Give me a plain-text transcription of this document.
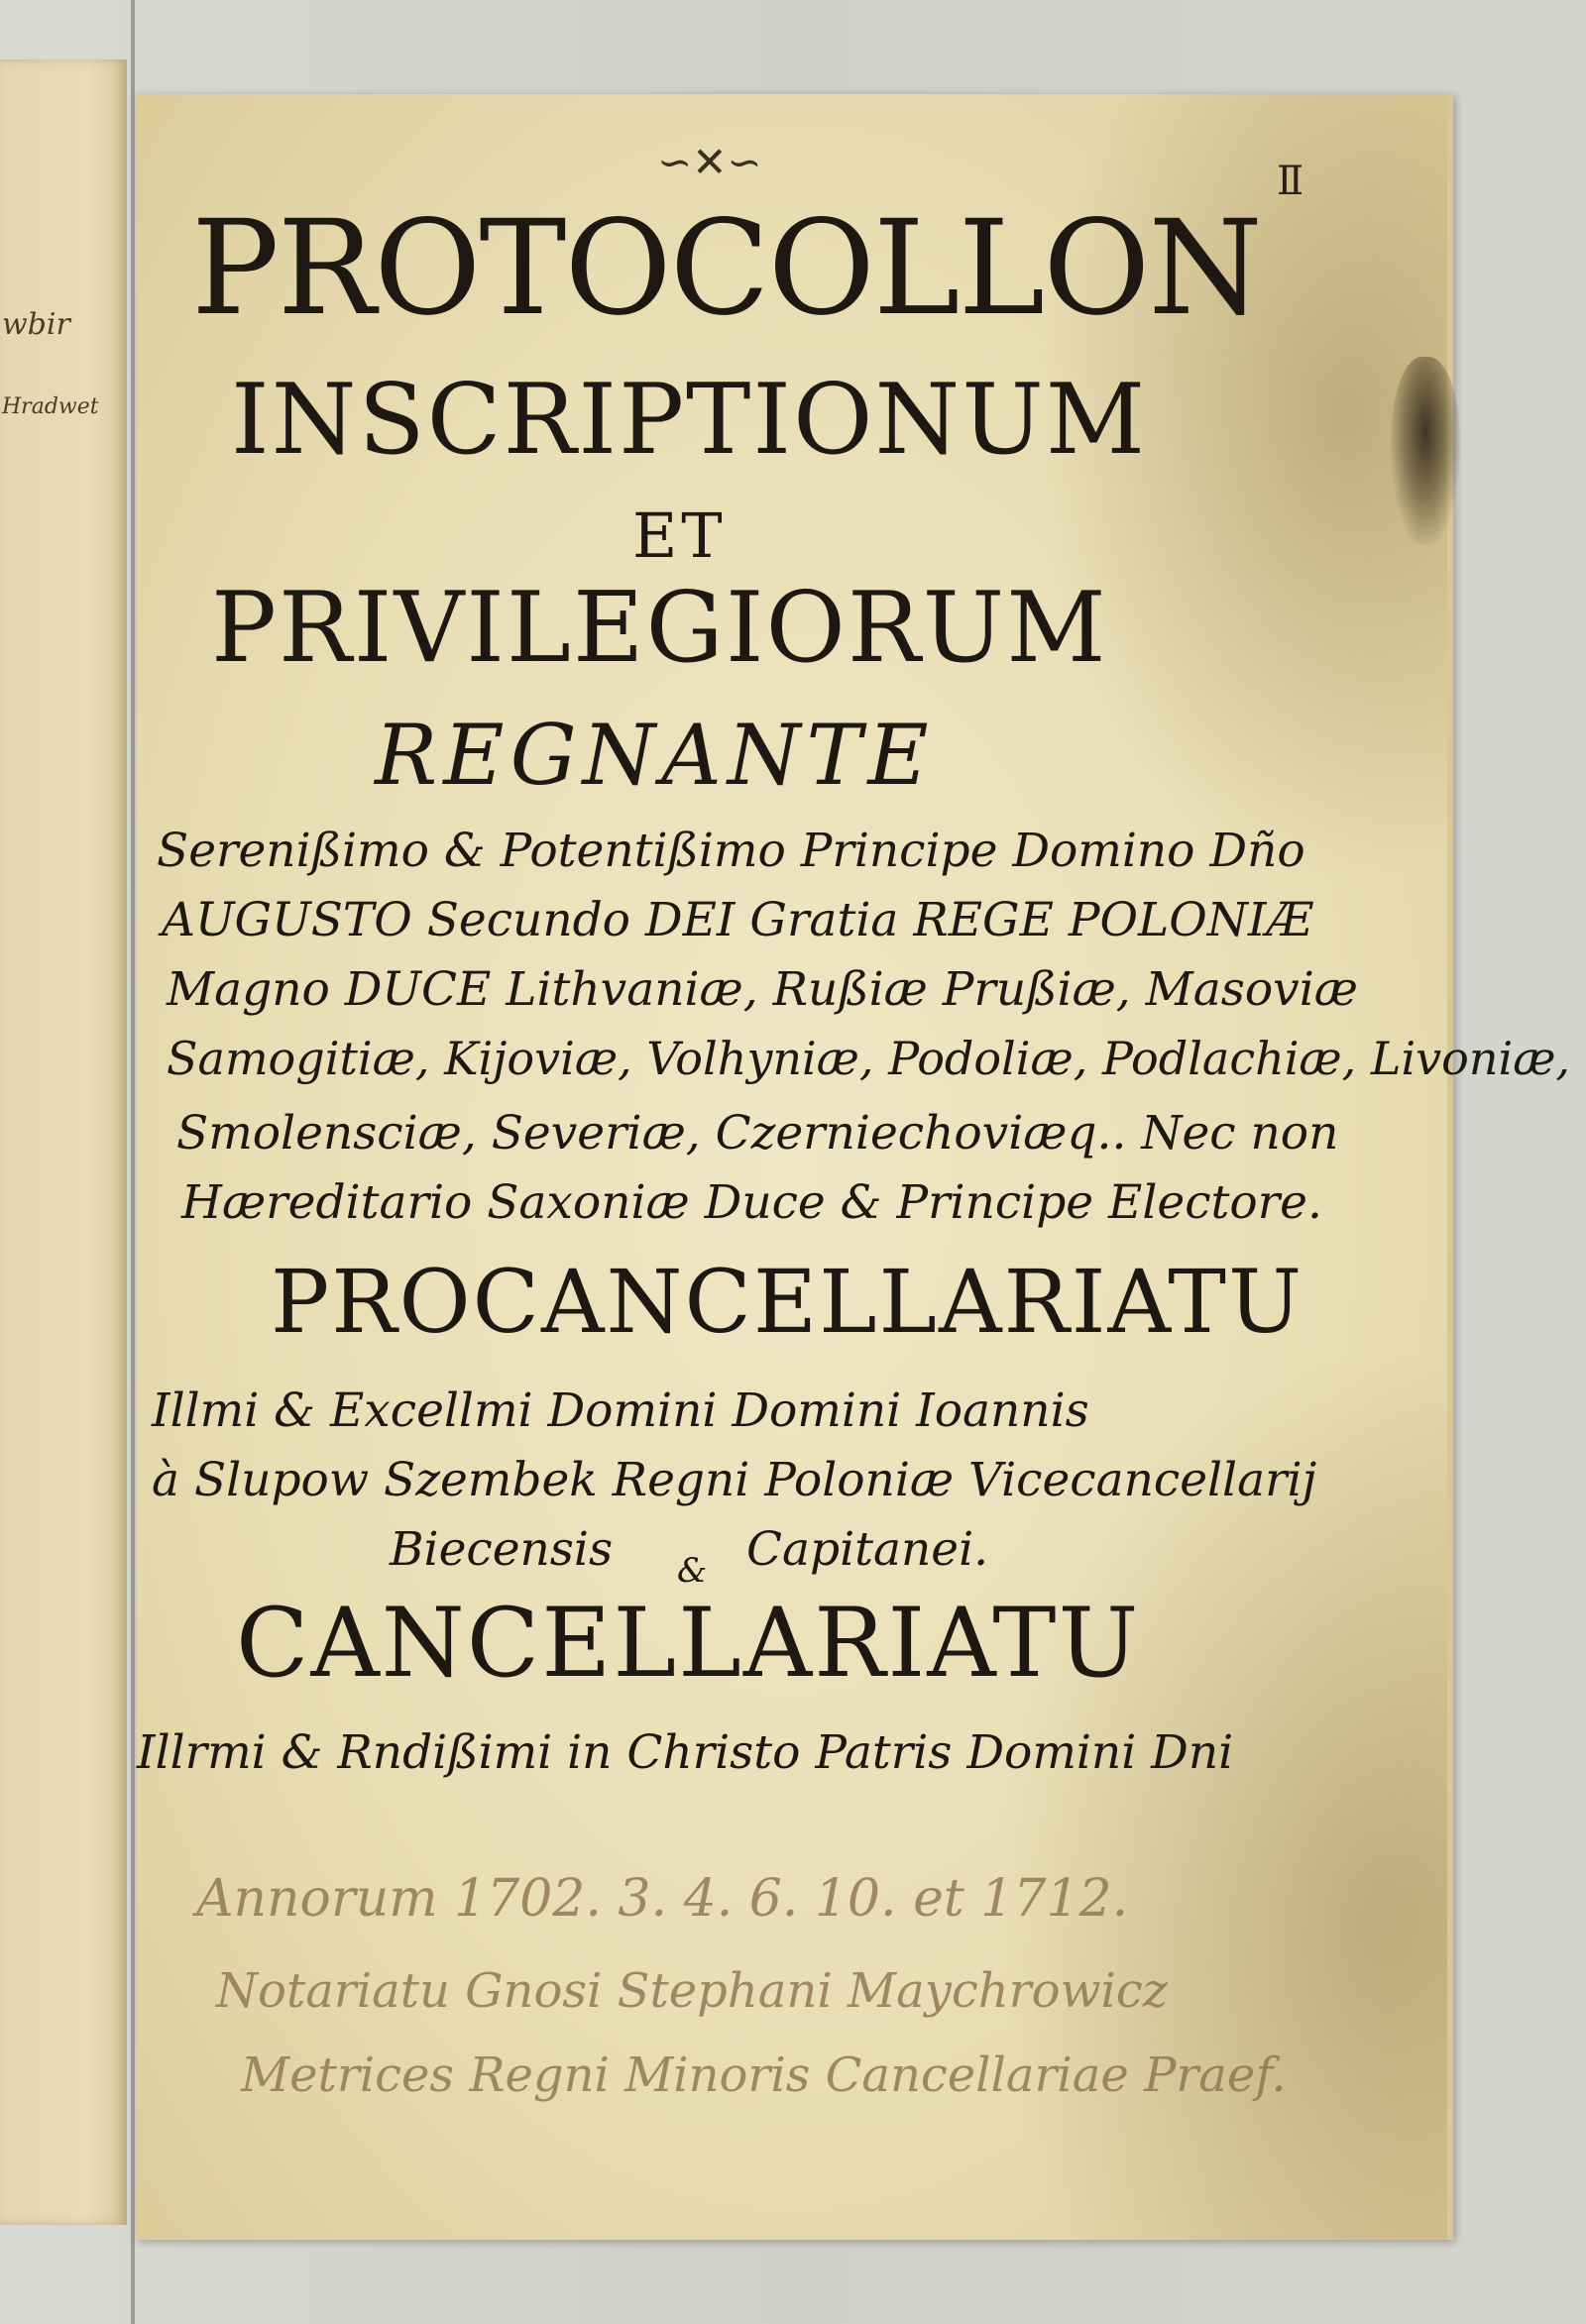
wbir
Hradwet
∽✕∽	Ⅱ
PROTOCOLLON
INSCRIPTIONUM
ET
PRIVILEGIORUM
REGNANTE
Serenißimo & Potentißimo Principe Domino Dño
AUGUSTO Secundo DEI Gratia REGE POLONIÆ
Magno DUCE Lithvaniæ, Rußiæ Prußiæ, Masoviæ
Samogitiæ, Kijoviæ, Volhyniæ, Podoliæ, Podlachiæ, Livoniæ,
Smolensciæ, Severiæ, Czerniechoviæq.. Nec non
Hæreditario Saxoniæ Duce & Principe Electore.
PROCANCELLARIATU
Illmi & Excellmi Domini Domini Ioannis
à Slupow Szembek Regni Poloniæ Vicecancellarij
Biecensis & Capitanei.
CANCELLARIATU
Illrmi & Rndißimi in Christo Patris Domini Dni
Annorum 1702. 3. 4. 6. 10. et 1712.
Notariatu Gnosi Stephani Maychrowicz
Metrices Regni Minoris Cancellariae Praef.
